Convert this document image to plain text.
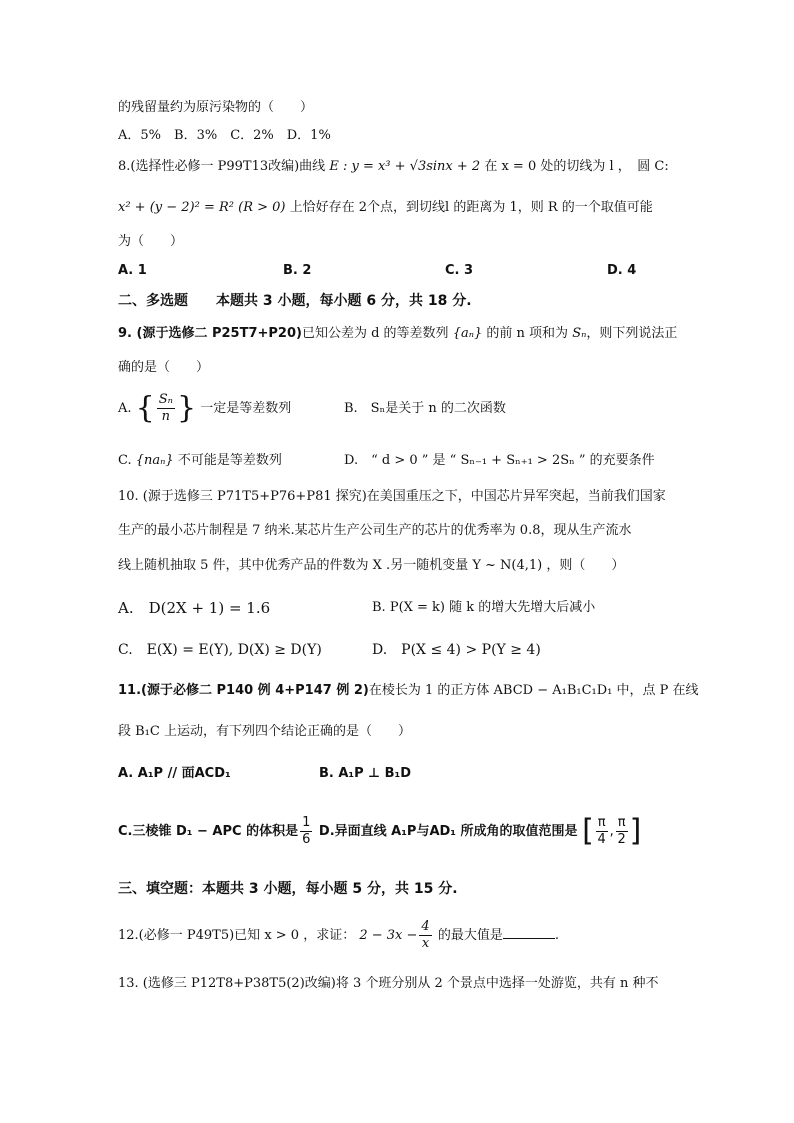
的残留量约为原污染物的（　　）
A．5%　B．3%　C．2%　D．1%
8.(选择性必修一 P99T13改编)曲线 E : y = x³ + √3sinx + 2 在 x = 0 处的切线为 l ，　圆 C:
x² + (y − 2)² = R² (R > 0) 上恰好存在 2个点，到切线l 的距离为 1，则 R 的一个取值可能
为（　　）
A. 1	B. 2	C. 3	D. 4
二、多选题　　本题共 3 小题，每小题 6 分，共 18 分.
9. (源于选修二 P25T7+P20)已知公差为 d 的等差数列 {aₙ} 的前 n 项和为 Sₙ，则下列说法正
确的是（　　）
A. { $\frac{\text{Sₙ}}{n}$ } 一定是等差数列	B.　Sₙ是关于 n 的二次函数
C. {naₙ} 不可能是等差数列	D.　“ d > 0 ” 是 “ Sₙ₋₁ + Sₙ₊₁ > 2Sₙ ” 的充要条件
10. (源于选修三 P71T5+P76+P81 探究)在美国重压之下，中国芯片异军突起，当前我们国家
生产的最小芯片制程是 7 纳米.某芯片生产公司生产的芯片的优秀率为 0.8，现从生产流水
线上随机抽取 5 件，其中优秀产品的件数为 X .另一随机变量 Y ~ N(4,1) ，则（　　）
A.　D(2X + 1) = 1.6	B. P(X = k) 随 k 的增大先增大后减小
C.　E(X) = E(Y), D(X) ≥ D(Y)	D.　P(X ≤ 4) > P(Y ≥ 4)
11.(源于必修二 P140 例 4+P147 例 2)在棱长为 1 的正方体 ABCD − A₁B₁C₁D₁ 中，点 P 在线
段 B₁C 上运动，有下列四个结论正确的是（　　）
A. A₁P // 面ACD₁	B. A₁P ⊥ B₁D
C.三棱锥 D₁ − APC 的体积是 $\frac{1}{6} D$.异面直线 A₁P与AD₁ 所成角的取值范围是 [ $\frac{\pi}{4}$ , $\frac{\pi}{2}$ ]
三、填空题：本题共 3 小题，每小题 5 分，共 15 分.
12.(必修一 P49T5)已知 x > 0 ，求证： $2 - 3x - \frac{4}{x}$ 的最大值是	.
13. (选修三 P12T8+P38T5(2)改编)将 3 个班分别从 2 个景点中选择一处游览，共有 n 种不
